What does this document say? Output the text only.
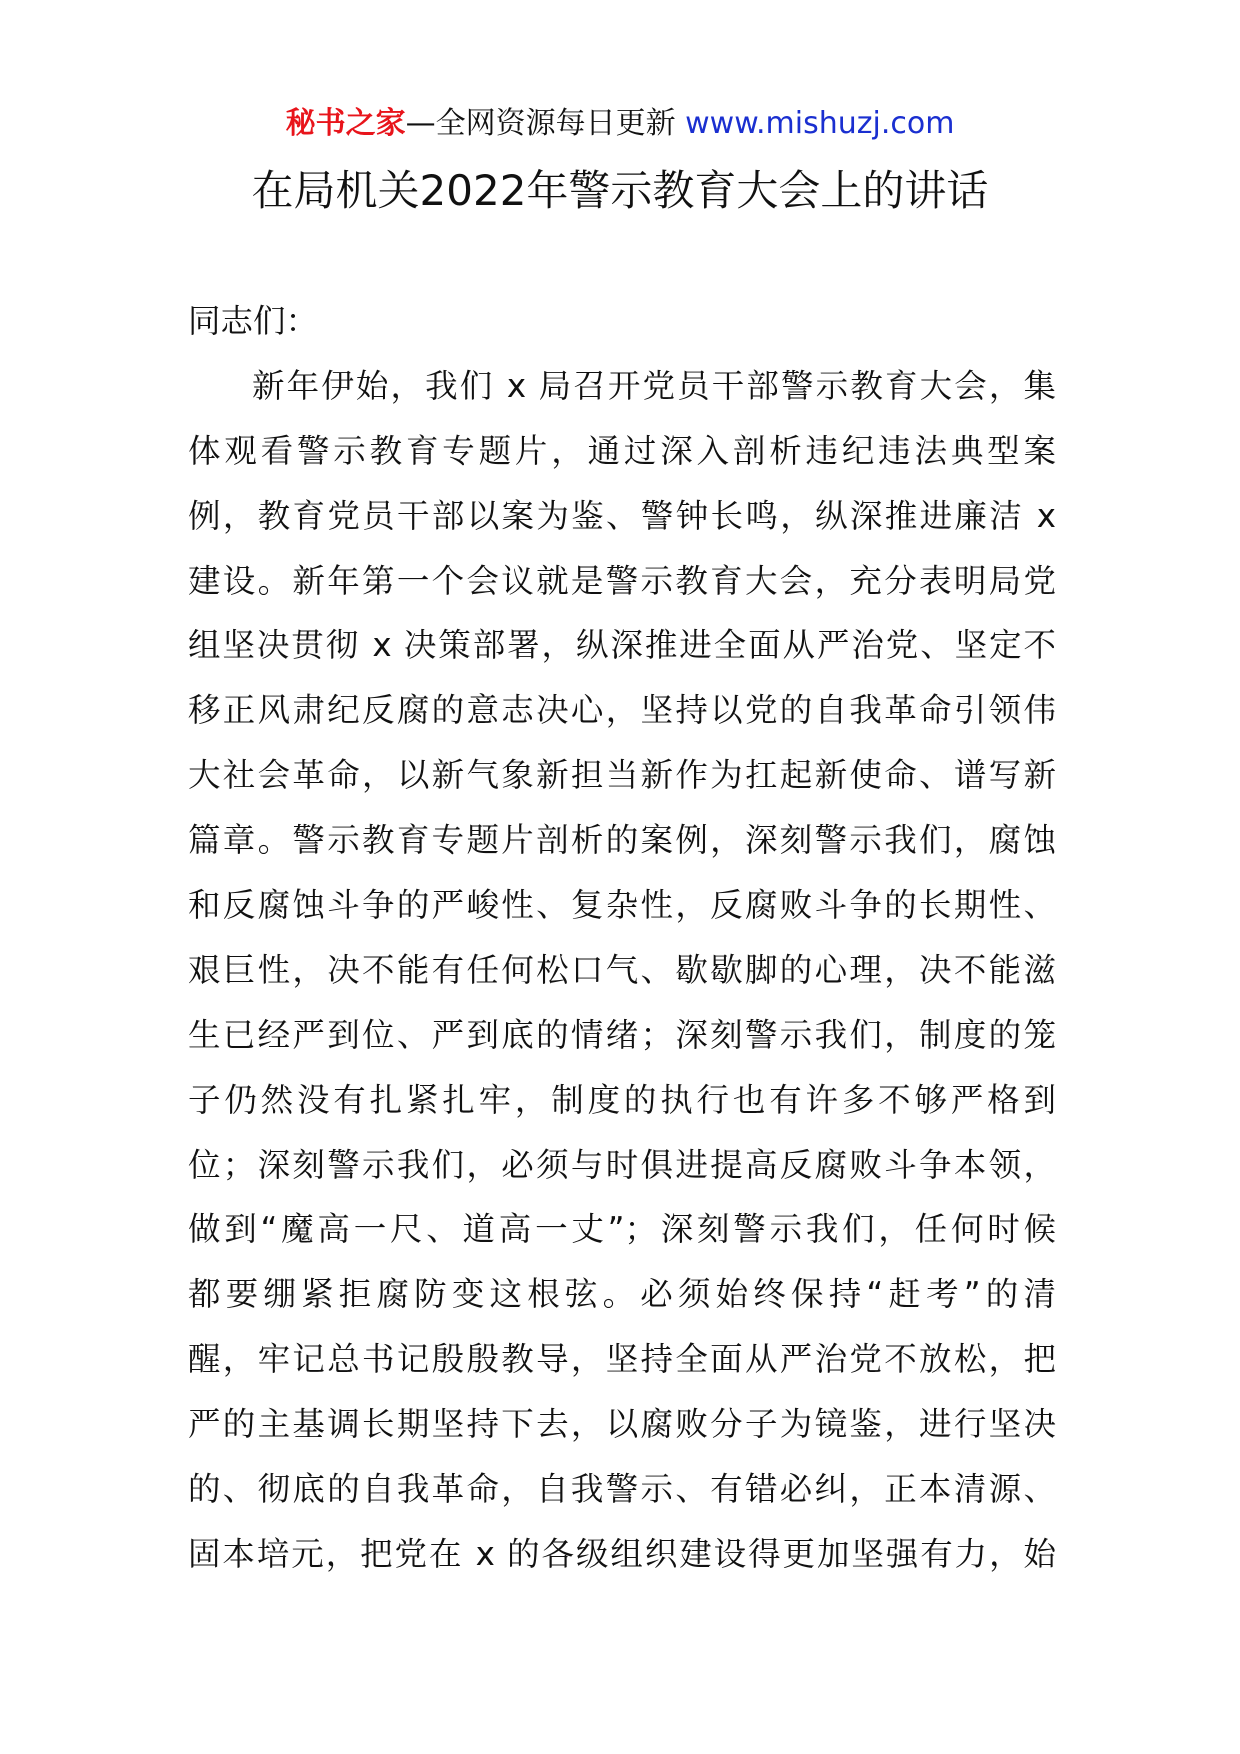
秘书之家—全网资源每日更新 www.mishuzj.com
在局机关2022年警示教育大会上的讲话
同志们：
新年伊始，我们 x 局召开党员干部警示教育大会，集
体观看警示教育专题片，通过深入剖析违纪违法典型案
例，教育党员干部以案为鉴、警钟长鸣，纵深推进廉洁 x
建设。新年第一个会议就是警示教育大会，充分表明局党
组坚决贯彻 x 决策部署，纵深推进全面从严治党、坚定不
移正风肃纪反腐的意志决心，坚持以党的自我革命引领伟
大社会革命，以新气象新担当新作为扛起新使命、谱写新
篇章。警示教育专题片剖析的案例，深刻警示我们，腐蚀
和反腐蚀斗争的严峻性、复杂性，反腐败斗争的长期性、
艰巨性，决不能有任何松口气、歇歇脚的心理，决不能滋
生已经严到位、严到底的情绪；深刻警示我们，制度的笼
子仍然没有扎紧扎牢，制度的执行也有许多不够严格到
位；深刻警示我们，必须与时俱进提高反腐败斗争本领，
做到“魔高一尺、道高一丈”；深刻警示我们，任何时候
都要绷紧拒腐防变这根弦。必须始终保持“赶考”的清
醒，牢记总书记殷殷教导，坚持全面从严治党不放松，把
严的主基调长期坚持下去，以腐败分子为镜鉴，进行坚决
的、彻底的自我革命，自我警示、有错必纠，正本清源、
固本培元，把党在 x 的各级组织建设得更加坚强有力，始
